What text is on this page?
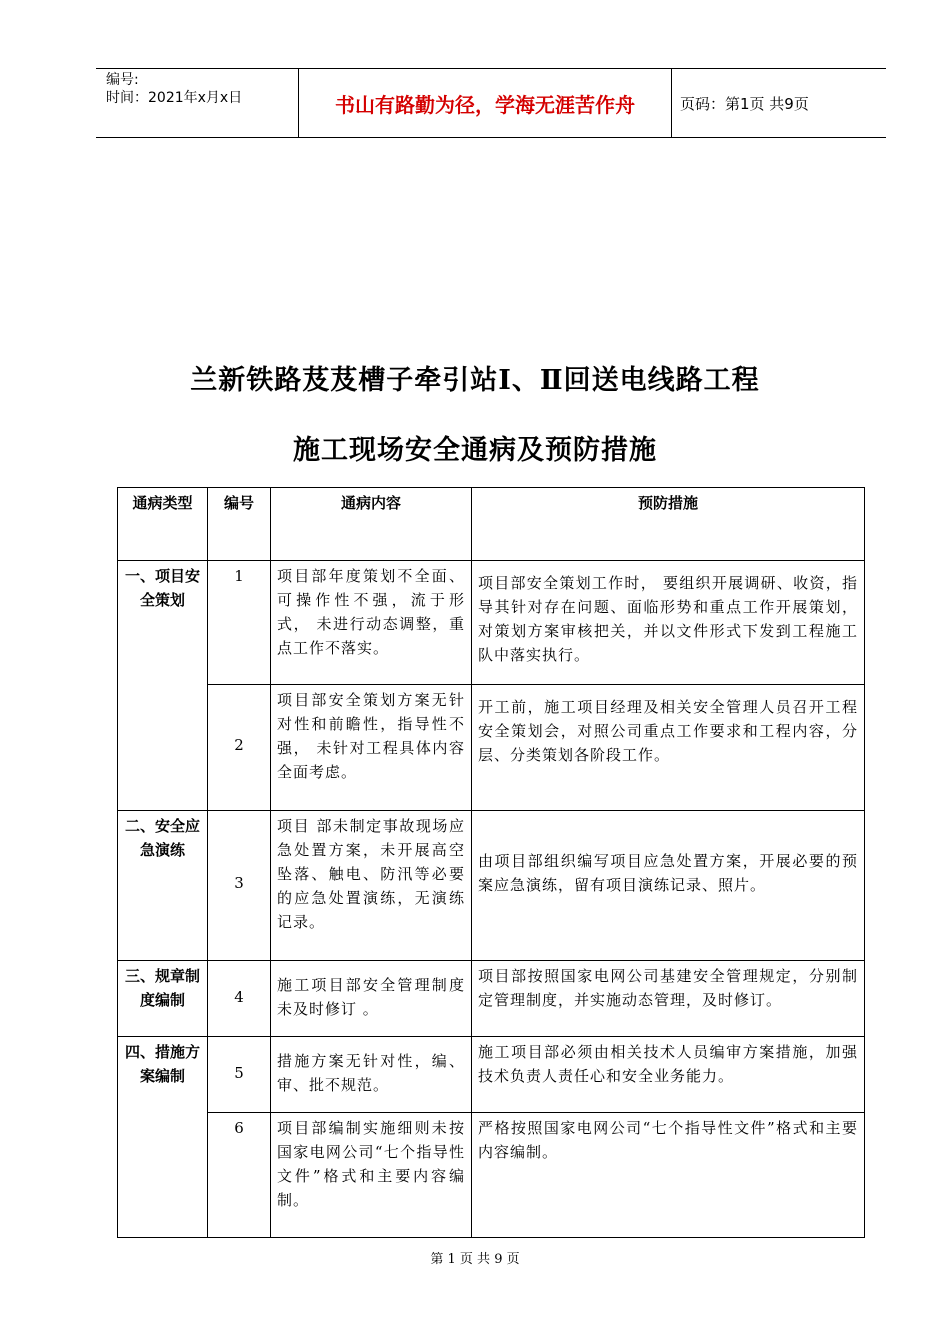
编号:
时间：2021年x月x日	书山有路勤为径，学海无涯苦作舟	页码：第1页 共9页
兰新铁路芨芨槽子牵引站Ⅰ、Ⅱ回送电线路工程
施工现场安全通病及预防措施
通病类型	编号	通病内容	预防措施
一、项目安全策划	1	项目部年度策划不全面、可操作性不强，流于形式， 未进行动态调整，重点工作不落实。	项目部安全策划工作时， 要组织开展调研、收资，指导其针对存在问题、面临形势和重点工作开展策划，对策划方案审核把关，并以文件形式下发到工程施工队中落实执行。
	2	项目部安全策划方案无针对性和前瞻性，指导性不强， 未针对工程具体内容全面考虑。	开工前，施工项目经理及相关安全管理人员召开工程安全策划会，对照公司重点工作要求和工程内容，分层、分类策划各阶段工作。
二、安全应急演练	3	项目 部未制定事故现场应急处置方案，未开展高空坠落、触电、防汛等必要的应急处置演练，无演练记录。	由项目部组织编写项目应急处置方案，开展必要的预案应急演练，留有项目演练记录、照片。
三、规章制度编制	4	施工项目部安全管理制度未及时修订 。	项目部按照国家电网公司基建安全管理规定，分别制定管理制度，并实施动态管理，及时修订。
四、措施方案编制	5	措施方案无针对性，编、 审、批不规范。	施工项目部必须由相关技术人员编审方案措施，加强技术负责人责任心和安全业务能力。
	6	项目部编制实施细则未按国家电网公司“七个指导性文件”格式和主要内容编制。	严格按照国家电网公司“七个指导性文件”格式和主要内容编制。
第 1 页 共 9 页
